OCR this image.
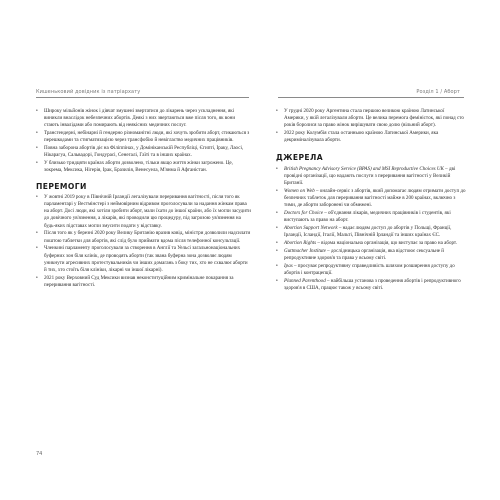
Кишеньковий довідник із патріархату	Розділ 1 / Аборт
• Широку мільйонів жінок і дівчат змушені звертатися до лікарень через ускладнення, які виникли внаслідок небезпечних абортів. Деякі з них звертаються вже після того, як вони стають інвалідами або помирають від неякісних медичних послуг.
• Трансгендерні, небінарні й гендерно різноманітні люди, які хочуть зробити аборт, стикаються з перешкодами та стигматизацією через трансфобію й невігластво медичних працівників.
• Повна заборона абортів діє на Філіппінах, у Домініканській Республіці, Єгипті, Іраку, Лаосі, Нікарагуа, Сальвадорі, Гондурасі, Сенегалі, Гаїті та в інших країнах.
• У близько тридцяти країнах аборти дозволено, тільки якщо життя жінки загрожено. Це, зокрема, Мексика, Нігерія, Ірак, Бразилія, Венесуела, М'янма й Афганістан.
ПЕРЕМОГИ
• У жовтні 2019 року в Північній Ірландії легалізували переривання вагітності, після того як парламентарі у Вестмінстері з неймовірним відривом проголосували за надання жінкам права на аборт. Досі люди, які хотіли зробити аборт, мали їхати до іншої країни, або їх могли засудити до довічного ув'язнення, а лікарів, які проводили цю процедуру, під загрозою ув'язнення на будь-яких підставах могли змусити подати у відставку.
• Після того як у березні 2020 року Велику Британію вразив ковід, міністри дозволили надсилати поштою таблетки для абортів, які слід було приймати вдома після телефонної консультації.
• Членкині парламенту проголосували за створення в Англії та Уельсі загальнонаціональних буферних зон біля клінік, де проводять аборти (так звана буферна зона дозволяє людям уникнути агресивних протестувальників чи інших домагань з боку тих, хто не схвалює аборти й тих, хто стоїть біля клініки, лікарні чи іншої лікарні).
• 2021 року Верховний Суд Мексики визнав неконституційним кримінальне покарання за переривання вагітності.
• У грудні 2020 року Аргентина стала першою великою країною Латинської Америки, у якій легалізували аборти. Це велика перемога феміністок, які понад сто років боролися за право жінок вирішувати свою долю (вільний аборт).
• 2022 року Колумбія стала останньою країною Латинської Америки, яка декриміналізувала аборти.
ДЖЕРЕЛА
• British Pregnancy Advisory Service (BPAS) and MSI Reproductive Choices UK – дві провідні організації, що надають послуги з переривання вагітності у Великій Британії.
• Women on Web – онлайн-сервіс з абортів, який допомагає людям отримати доступ до безпечних таблеток для переривання вагітності майже в 200 країнах, включно з тими, де аборти заборонені чи обмежені.
• Doctors for Choice – об'єднання лікарів, медичних працівників і студентів, які виступають за право на аборт.
• Abortion Support Network – надає людям доступ до абортів у Польщі, Франції, Ірландії, Ісландії, Італії, Мальті, Північній Ірландії та інших країнах ЄС.
• Abortion Rights – відома національна організація, що виступає за право на аборт.
• Guttmacher Institute – дослідницька організація, яка відстоює сексуальне й репродуктивне здоров'я та права у всьому світі.
• Ipas – просуває репродуктивну справедливість шляхом розширення доступу до абортів і контрацепції.
• Planned Parenthood – найбільша установа з проведення абортів і репродуктивного здоров'я в США, працює також у всьому світі.
74
